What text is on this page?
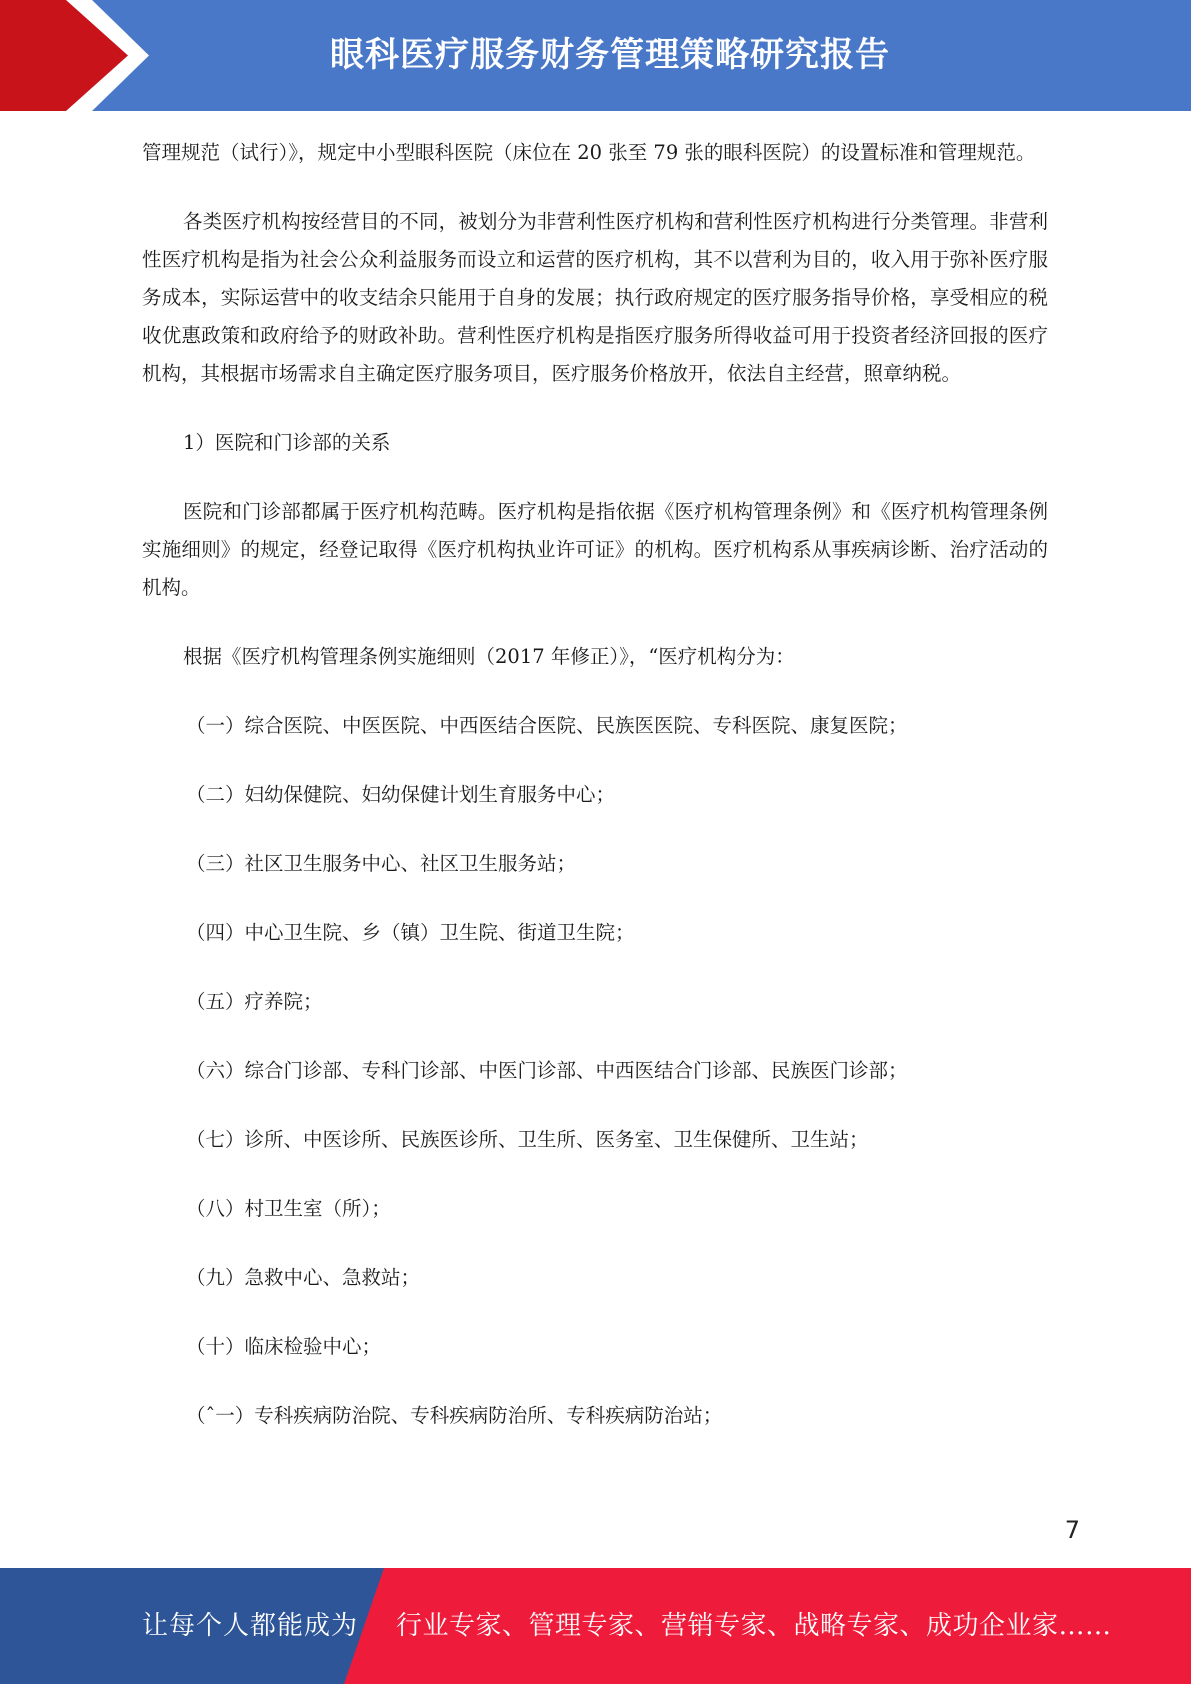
眼科医疗服务财务管理策略研究报告

管理规范（试行）》，规定中小型眼科医院（床位在 20 张至 79 张的眼科医院）的设置标准和管理规范。

各类医疗机构按经营目的不同，被划分为非营利性医疗机构和营利性医疗机构进行分类管理。非营利性医疗机构是指为社会公众利益服务而设立和运营的医疗机构，其不以营利为目的，收入用于弥补医疗服务成本，实际运营中的收支结余只能用于自身的发展；执行政府规定的医疗服务指导价格，享受相应的税收优惠政策和政府给予的财政补助。营利性医疗机构是指医疗服务所得收益可用于投资者经济回报的医疗机构，其根据市场需求自主确定医疗服务项目，医疗服务价格放开，依法自主经营，照章纳税。

1）医院和门诊部的关系

医院和门诊部都属于医疗机构范畴。医疗机构是指依据《医疗机构管理条例》和《医疗机构管理条例实施细则》的规定，经登记取得《医疗机构执业许可证》的机构。医疗机构系从事疾病诊断、治疗活动的机构。

根据《医疗机构管理条例实施细则（2017 年修正）》，“医疗机构分为：

（一）综合医院、中医医院、中西医结合医院、民族医医院、专科医院、康复医院；

（二）妇幼保健院、妇幼保健计划生育服务中心；

（三）社区卫生服务中心、社区卫生服务站；

（四）中心卫生院、乡（镇）卫生院、街道卫生院；

（五）疗养院；

（六）综合门诊部、专科门诊部、中医门诊部、中西医结合门诊部、民族医门诊部；

（七）诊所、中医诊所、民族医诊所、卫生所、医务室、卫生保健所、卫生站；

（八）村卫生室（所）；

（九）急救中心、急救站；

（十）临床检验中心；

（ˆ一）专科疾病防治院、专科疾病防治所、专科疾病防治站；

7
让每个人都能成为 行业专家、管理专家、营销专家、战略专家、成功企业家……
